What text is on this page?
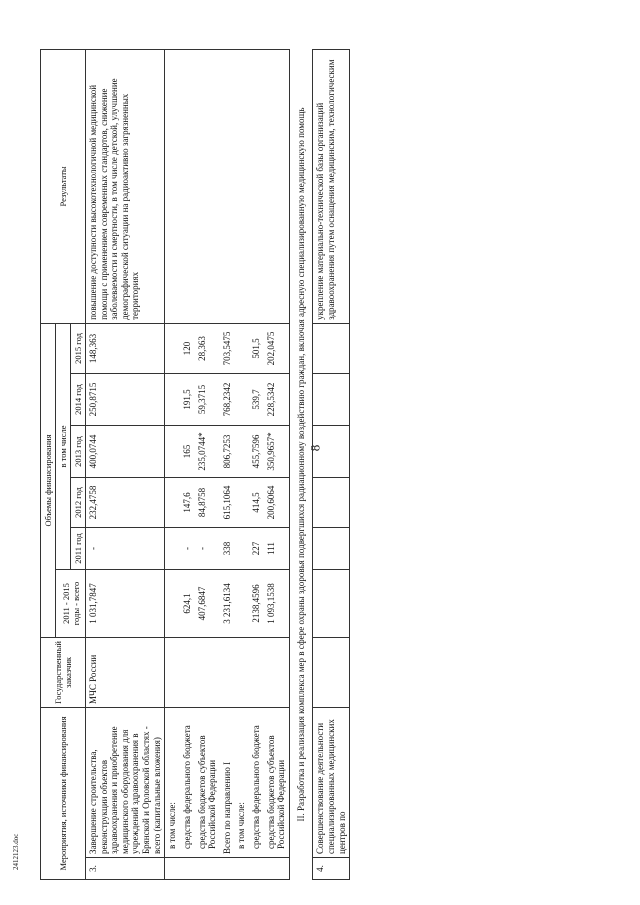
8
2412123.doc	Мероприятия, источники финансирования		Государственный заказчик	Объемы финансирования						Результаты
			2011 - 2015
годы - всего	в том числе					
				2011 год	2012 год	2013 год	2014 год	2015 год	
3.	Завершение строительства, реконструкции объектов здравоохранения и приобретение медицинского оборудования для учреждений здравоохранения в Брянской и Орловской областях - всего (капитальные вложения)	МЧС России	1 031,7847	-	232,4758	400,0744	250,8715	148,363	повышение доступности высокотехнологичной медицинской помощи с применением современных стандартов, снижение заболеваемости и смертности, в том числе детской, улучшение демографической ситуации на радиоактивно загрязненных территориях
	в том числе:								
	средства федерального бюджета		624,1	-	147,6	165	191,5	120	
	средства бюджетов субъектов Российской Федерации		407,6847	-	84,8758	235,0744*	59,3715	28,363	
	Всего по направлению I		3 231,6134	338	615,1064	806,7253	768,2342	703,5475	
	в том числе:								
	средства федерального бюджета		2138,4596	227	414,5	455,7596	539,7	501,5	
	средства бюджетов субъектов Российской Федерации		1 093,1538	111	200,6064	350,9657*	228,5342	202,0475	
II. Разработка и реализация комплекса мер в сфере охраны здоровья подвергшихся радиационному воздействию граждан, включая адресную специализированную медицинскую помощь									
4.	Совершенствование деятельности специализированных медицинских центров по								укрепление материально-технической базы организаций здравоохранения путем оснащения медицинским, технологическим
